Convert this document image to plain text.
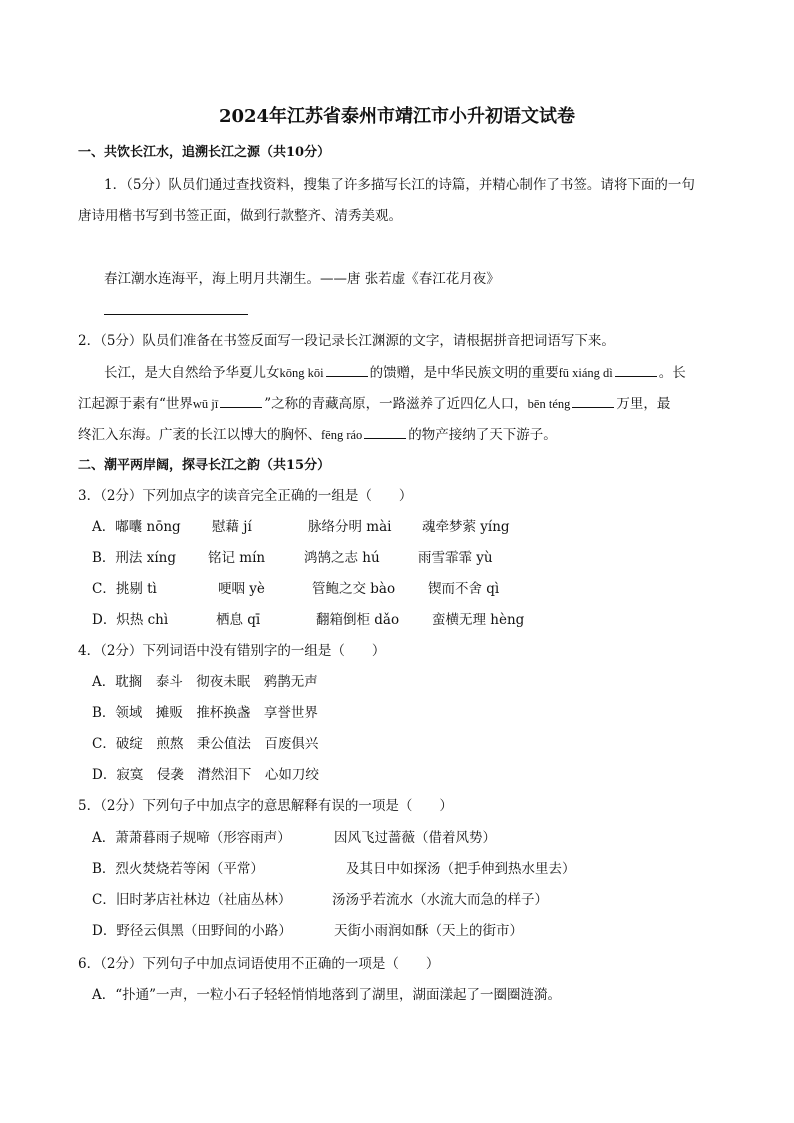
2024年江苏省泰州市靖江市小升初语文试卷
一、共饮长江水，追溯长江之源（共10分）
1．（5分）队员们通过查找资料，搜集了许多描写长江的诗篇，并精心制作了书签。请将下面的一句
唐诗用楷书写到书签正面，做到行款整齐、清秀美观。
春江潮水连海平，海上明月共潮生。——唐 张若虚《春江花月夜》
2．（5分）队员们准备在书签反面写一段记录长江渊源的文字，请根据拼音把词语写下来。
长江，是大自然给予华夏儿女kōng kōi	的馈赠，是中华民族文明的重要fū xiáng dì	。长
江起源于素有“世界wū jī	”之称的青藏高原，一路滋养了近四亿人口，bēn téng	万里，最
终汇入东海。广袤的长江以博大的胸怀、fēng ráo	的物产接纳了天下游子。
二、潮平两岸阔，探寻长江之韵（共15分）
3．（2分）下列加点字的读音完全正确的一组是（　　）
A．嘟囔 nōng 慰藉 jí	脉络分明 mài 魂牵梦萦 yíng
B．刑法 xíng 铭记 mín	鸿鹄之志 hú	雨雪霏霏 yù
C．挑剔 tì	哽咽 yè	管鲍之交 bào 锲而不舍 qì
D．炽热 chì	栖息 qī	翻箱倒柜 dǎo 蛮横无理 hèng
4．（2分）下列词语中没有错别字的一组是（　　）
A．耽搁　泰斗　彻夜未眠　鸦鹊无声
B．领域　摊贩　推杯换盏　享誉世界
C．破绽　煎熬　秉公值法　百废俱兴
D．寂寞　侵袭　潸然泪下　心如刀绞
5．（2分）下列句子中加点字的意思解释有误的一项是（　　）
A．萧萧暮雨子规啼（形容雨声）	因风飞过蔷薇（借着风势）
B．烈火焚烧若等闲（平常）	及其日中如探汤（把手伸到热水里去）
C．旧时茅店社林边（社庙丛林）	汤汤乎若流水（水流大而急的样子）
D．野径云俱黑（田野间的小路）	天街小雨润如酥（天上的街市）
6．（2分）下列句子中加点词语使用不正确的一项是（　　）
A．“扑通”一声，一粒小石子轻轻悄悄地落到了湖里，湖面漾起了一圈圈涟漪。
